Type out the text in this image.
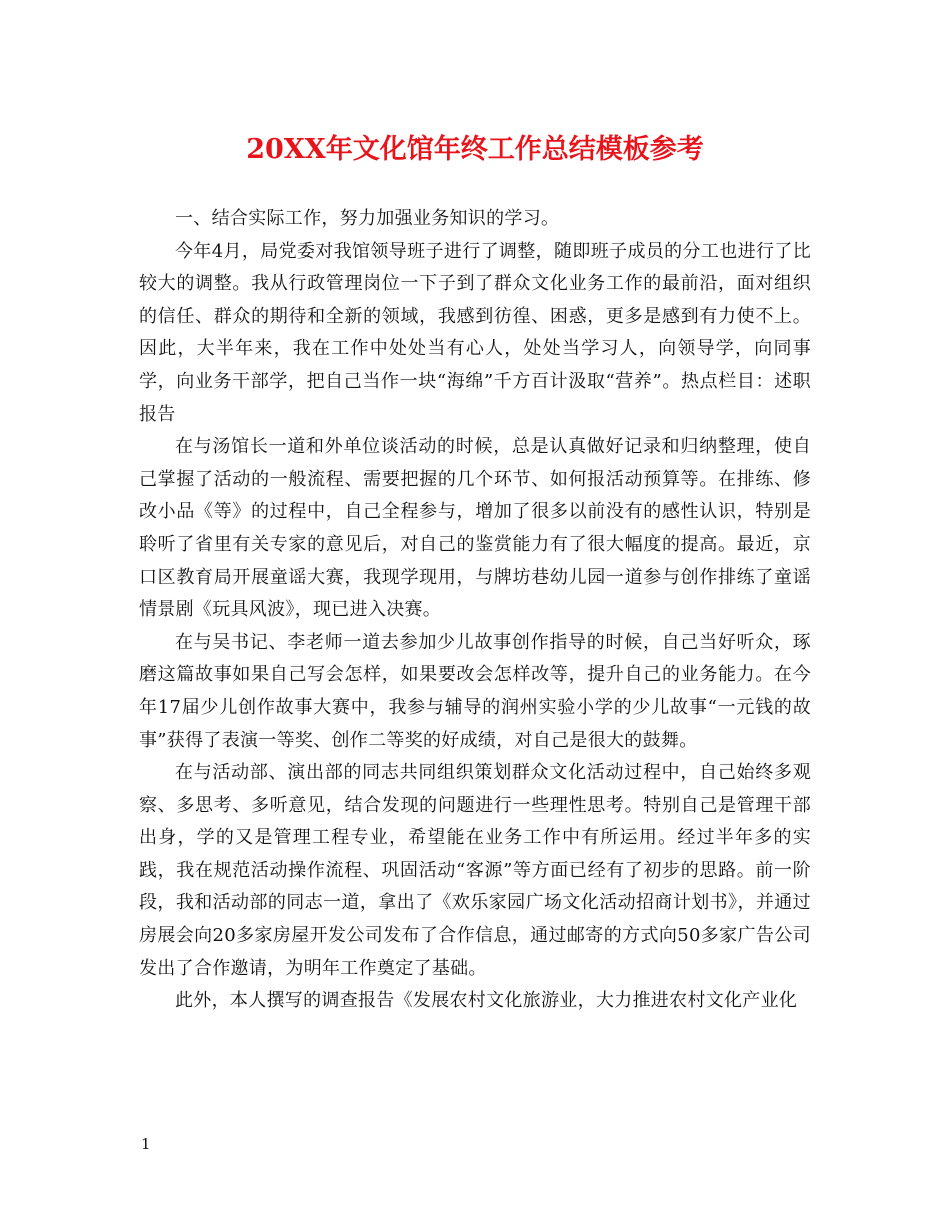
20XX年文化馆年终工作总结模板参考

一、结合实际工作，努力加强业务知识的学习。

今年4月，局党委对我馆领导班子进行了调整，随即班子成员的分工也进行了比较大的调整。我从行政管理岗位一下子到了群众文化业务工作的最前沿，面对组织的信任、群众的期待和全新的领域，我感到彷徨、困惑，更多是感到有力使不上。因此，大半年来，我在工作中处处当有心人，处处当学习人，向领导学，向同事学，向业务干部学，把自己当作一块“海绵”千方百计汲取“营养”。热点栏目：述职报告

在与汤馆长一道和外单位谈活动的时候，总是认真做好记录和归纳整理，使自己掌握了活动的一般流程、需要把握的几个环节、如何报活动预算等。在排练、修改小品《等》的过程中，自己全程参与，增加了很多以前没有的感性认识，特别是聆听了省里有关专家的意见后，对自己的鉴赏能力有了很大幅度的提高。最近，京口区教育局开展童谣大赛，我现学现用，与牌坊巷幼儿园一道参与创作排练了童谣情景剧《玩具风波》，现已进入决赛。

在与吴书记、李老师一道去参加少儿故事创作指导的时候，自己当好听众，琢磨这篇故事如果自己写会怎样，如果要改会怎样改等，提升自己的业务能力。在今年17届少儿创作故事大赛中，我参与辅导的润州实验小学的少儿故事“一元钱的故事”获得了表演一等奖、创作二等奖的好成绩，对自己是很大的鼓舞。

在与活动部、演出部的同志共同组织策划群众文化活动过程中，自己始终多观察、多思考、多听意见，结合发现的问题进行一些理性思考。特别自己是管理干部出身，学的又是管理工程专业，希望能在业务工作中有所运用。经过半年多的实践，我在规范活动操作流程、巩固活动“客源”等方面已经有了初步的思路。前一阶段，我和活动部的同志一道，拿出了《欢乐家园广场文化活动招商计划书》，并通过房展会向20多家房屋开发公司发布了合作信息，通过邮寄的方式向50多家广告公司发出了合作邀请，为明年工作奠定了基础。

此外，本人撰写的调查报告《发展农村文化旅游业，大力推进农村文化产业化

1
